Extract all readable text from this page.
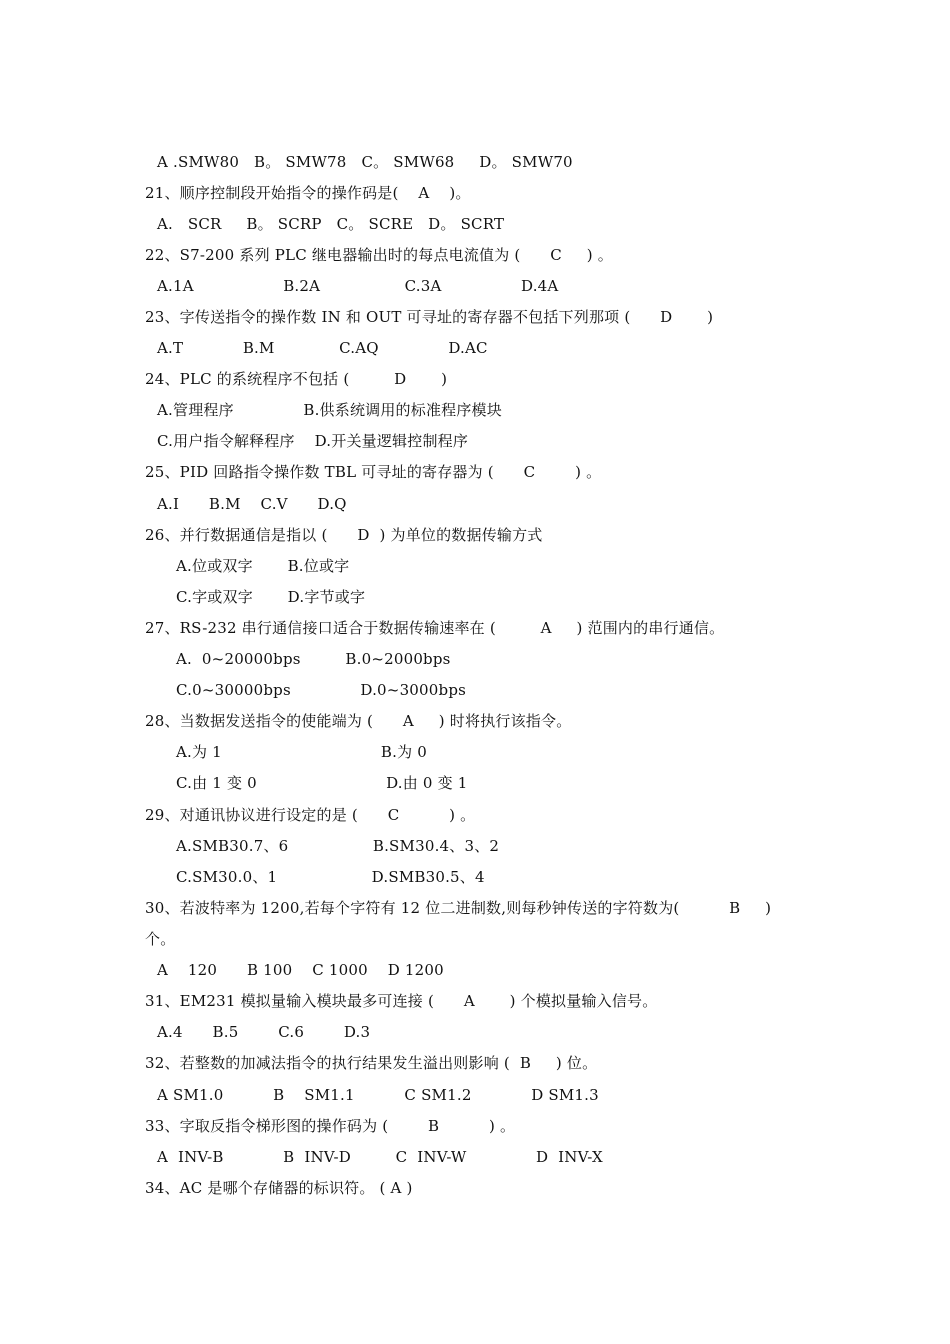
A .SMW80   B。 SMW78   C。 SMW68     D。 SMW70
21、顺序控制段开始指令的操作码是(    A    )。
A.   SCR     B。 SCRP   C。 SCRE   D。 SCRT
22、S7-200 系列 PLC 继电器输出时的每点电流值为 (      C     ) 。
A.1A                  B.2A                 C.3A                D.4A
23、字传送指令的操作数 IN 和 OUT 可寻址的寄存器不包括下列那项 (      D       )
A.T            B.M             C.AQ              D.AC
24、PLC 的系统程序不包括 (         D       )
A.管理程序              B.供系统调用的标准程序模块
C.用户指令解释程序    D.开关量逻辑控制程序
25、PID 回路指令操作数 TBL 可寻址的寄存器为 (      C        ) 。
A.I      B.M    C.V      D.Q
26、并行数据通信是指以 (      D  ) 为单位的数据传输方式
A.位或双字       B.位或字
C.字或双字       D.字节或字
27、RS-232 串行通信接口适合于数据传输速率在 (         A     ) 范围内的串行通信。
A.  0~20000bps         B.0~2000bps
C.0~30000bps              D.0~3000bps
28、当数据发送指令的使能端为 (      A     ) 时将执行该指令。
A.为 1                                B.为 0
C.由 1 变 0                          D.由 0 变 1
29、对通讯协议进行设定的是 (      C          ) 。
A.SMB30.7、6                 B.SM30.4、3、2
C.SM30.0、1                   D.SMB30.5、4
30、若波特率为 1200,若每个字符有 12 位二进制数,则每秒钟传送的字符数为(          B     )
个。
A    120      B 100    C 1000    D 1200
31、EM231 模拟量输入模块最多可连接 (      A       ) 个模拟量输入信号。
A.4      B.5        C.6        D.3
32、若整数的加减法指令的执行结果发生溢出则影响 (  B     ) 位。
A SM1.0          B    SM1.1          C SM1.2            D SM1.3
33、字取反指令梯形图的操作码为 (        B          ) 。
A  INV-B            B  INV-D         C  INV-W              D  INV-X
34、AC 是哪个存储器的标识符。 ( A )
